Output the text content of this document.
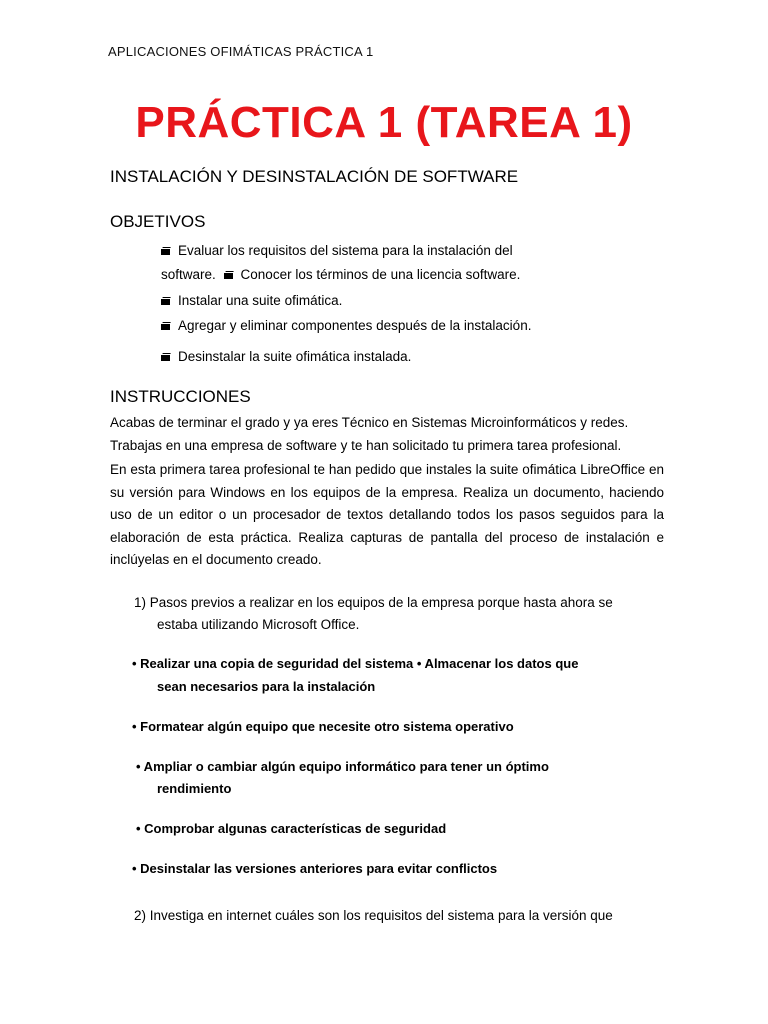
APLICACIONES OFIMÁTICAS PRÁCTICA 1
PRÁCTICA 1 (TAREA 1)
INSTALACIÓN Y DESINSTALACIÓN DE SOFTWARE
OBJETIVOS
Evaluar los requisitos del sistema para la instalación del
software. Conocer los términos de una licencia software.
Instalar una suite ofimática.
Agregar y eliminar componentes después de la instalación.
Desinstalar la suite ofimática instalada.
INSTRUCCIONES
Acabas de terminar el grado y ya eres Técnico en Sistemas Microinformáticos y redes.
Trabajas en una empresa de software y te han solicitado tu primera tarea profesional.
En esta primera tarea profesional te han pedido que instales la suite ofimática LibreOffice en su versión para Windows en los equipos de la empresa. Realiza un documento, haciendo uso de un editor o un procesador de textos detallando todos los pasos seguidos para la elaboración de esta práctica. Realiza capturas de pantalla del proceso de instalación e inclúyelas en el documento creado.
1) Pasos previos a realizar en los equipos de la empresa porque hasta ahora se
estaba utilizando Microsoft Office.
• Realizar una copia de seguridad del sistema • Almacenar los datos que
sean necesarios para la instalación
• Formatear algún equipo que necesite otro sistema operativo
• Ampliar o cambiar algún equipo informático para tener un óptimo
rendimiento
• Comprobar algunas características de seguridad
• Desinstalar las versiones anteriores para evitar conflictos
2) Investiga en internet cuáles son los requisitos del sistema para la versión que
